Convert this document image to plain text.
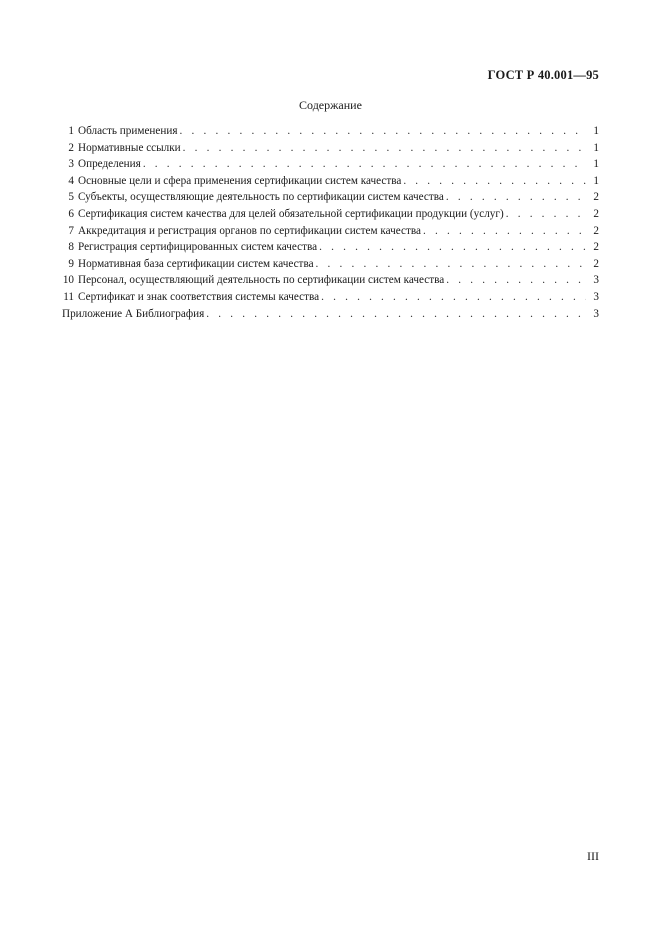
ГОСТ Р 40.001—95
Содержание
1 Область применения . . .	1
2 Нормативные ссылки . . .	1
3 Определения . . .	1
4 Основные цели и сфера применения сертификации систем качества . . .	1
5 Субъекты, осуществляющие деятельность по сертификации систем качества . . .	2
6 Сертификация систем качества для целей обязательной сертификации продукции (услуг) . . .	2
7 Аккредитация и регистрация органов по сертификации систем качества . . .	2
8 Регистрация сертифицированных систем качества . . .	2
9 Нормативная база сертификации систем качества . . .	2
10 Персонал, осуществляющий деятельность по сертификации систем качества . . .	3
11 Сертификат и знак соответствия системы качества . . .	3
Приложение А Библиография . . .	3
III
